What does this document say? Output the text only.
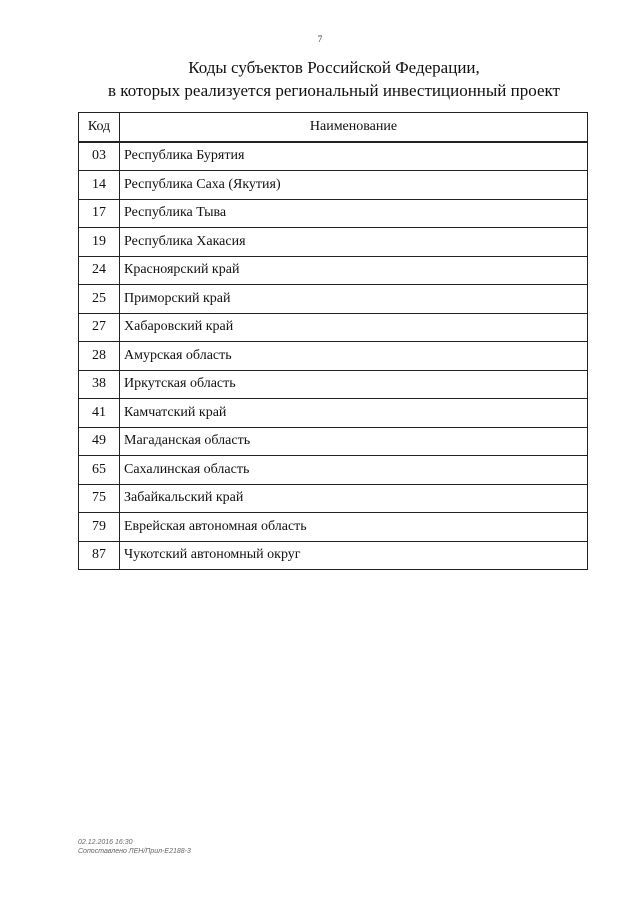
7
Коды субъектов Российской Федерации,
в которых реализуется региональный инвестиционный проект
Код	Наименование
03	Республика Бурятия
14	Республика Саха (Якутия)
17	Республика Тыва
19	Республика Хакасия
24	Красноярский край
25	Приморский край
27	Хабаровский край
28	Амурская область
38	Иркутская область
41	Камчатский край
49	Магаданская область
65	Сахалинская область
75	Забайкальский край
79	Еврейская автономная область
87	Чукотский автономный округ
02.12.2016 16:30
Сопоставлено ЛЕН/Прил-E2188-3
